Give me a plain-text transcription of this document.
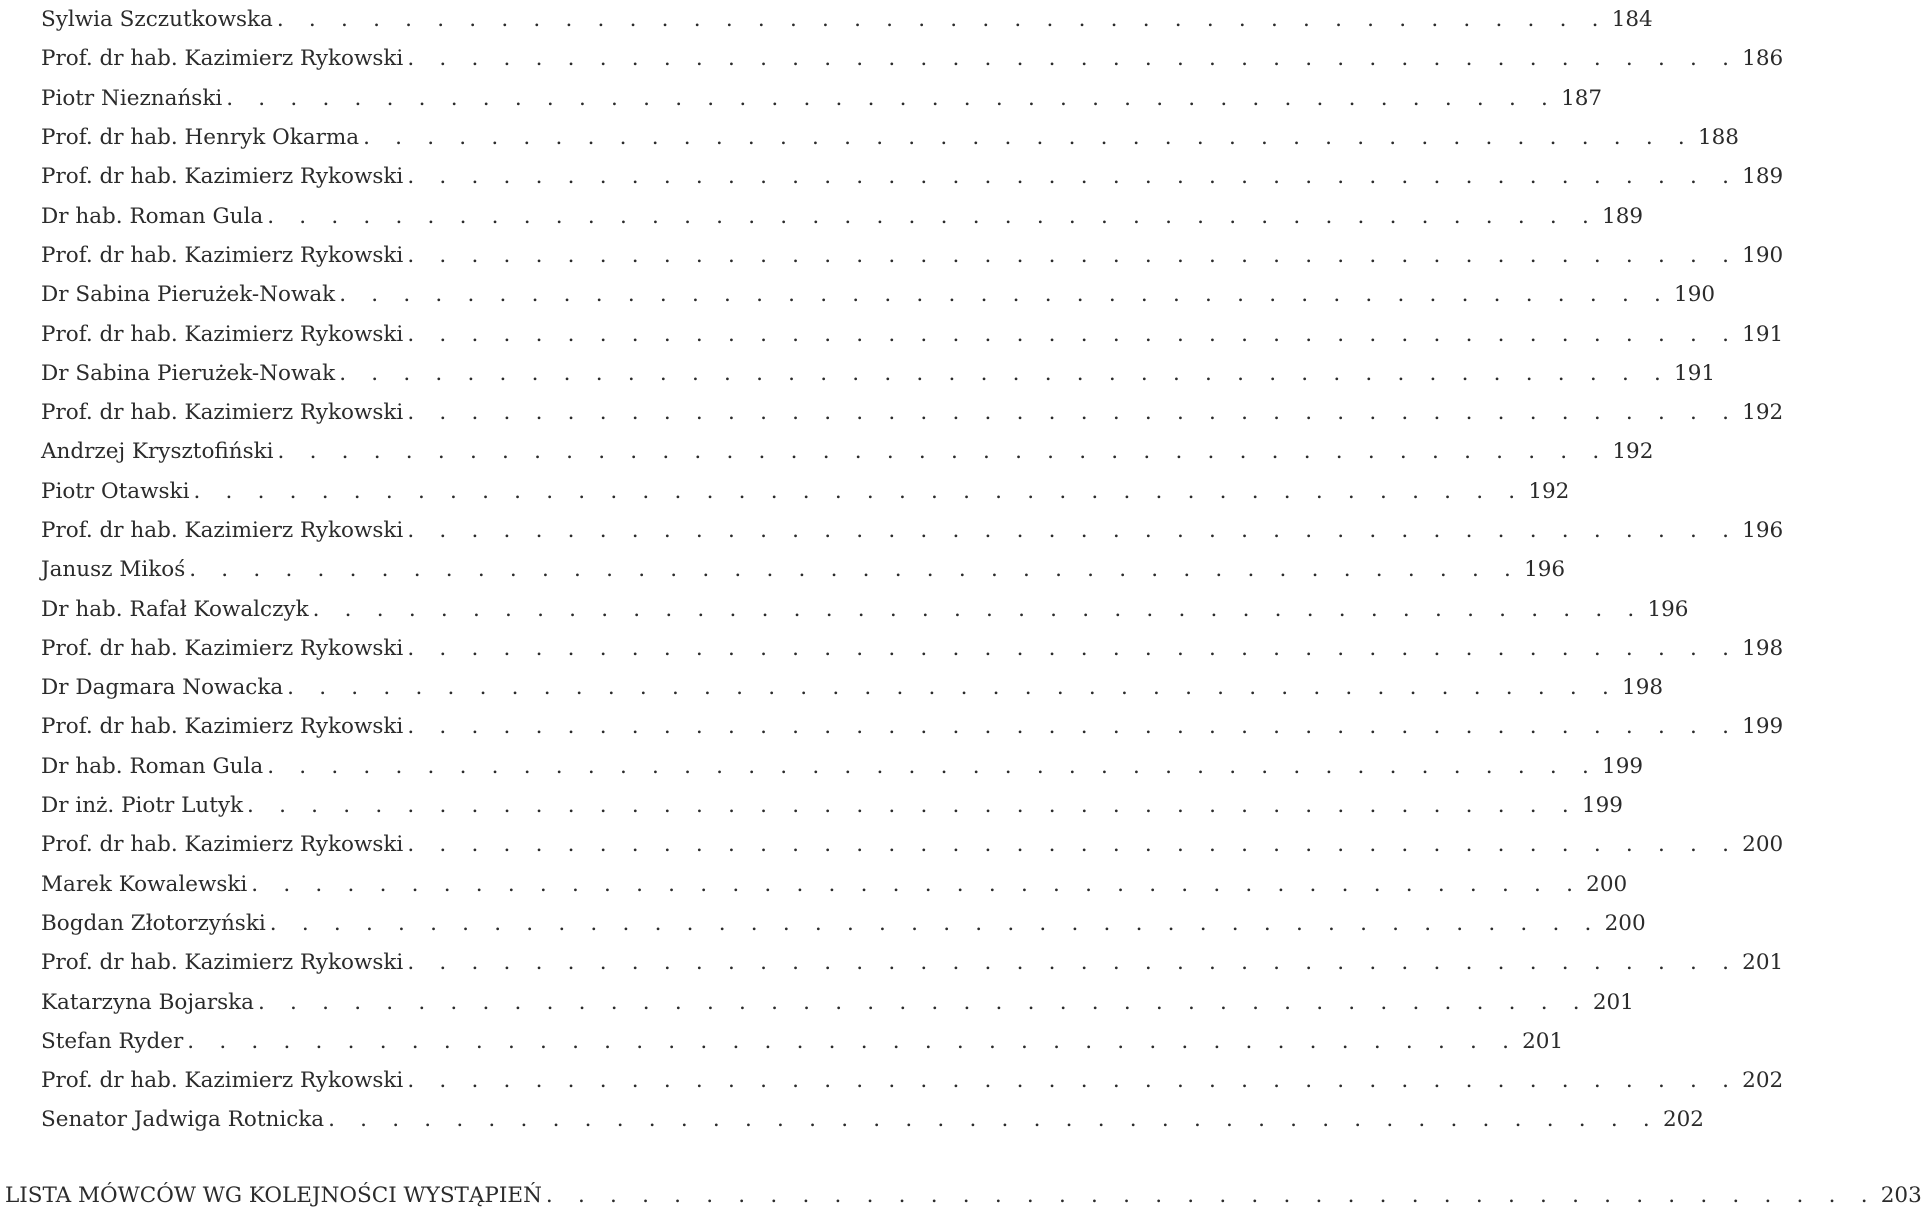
Sylwia Szczutkowska . . . . . . . . . . . . . . . . . . . . . . . . . . . . . . . . . . . . . . . . . . 184
Prof. dr hab. Kazimierz Rykowski . . . . . . . . . . . . . . . . . . . . . . . . . . . . . . . . . . . . . . . . . . 186
Piotr Nieznański . . . . . . . . . . . . . . . . . . . . . . . . . . . . . . . . . . . . . . . . . . 187
Prof. dr hab. Henryk Okarma . . . . . . . . . . . . . . . . . . . . . . . . . . . . . . . . . . . . . . . . . . 188
Prof. dr hab. Kazimierz Rykowski . . . . . . . . . . . . . . . . . . . . . . . . . . . . . . . . . . . . . . . . . . 189
Dr hab. Roman Gula . . . . . . . . . . . . . . . . . . . . . . . . . . . . . . . . . . . . . . . . . . 189
Prof. dr hab. Kazimierz Rykowski . . . . . . . . . . . . . . . . . . . . . . . . . . . . . . . . . . . . . . . . . . 190
Dr Sabina Pierużek-Nowak . . . . . . . . . . . . . . . . . . . . . . . . . . . . . . . . . . . . . . . . . . 190
Prof. dr hab. Kazimierz Rykowski . . . . . . . . . . . . . . . . . . . . . . . . . . . . . . . . . . . . . . . . . . 191
Dr Sabina Pierużek-Nowak . . . . . . . . . . . . . . . . . . . . . . . . . . . . . . . . . . . . . . . . . . 191
Prof. dr hab. Kazimierz Rykowski . . . . . . . . . . . . . . . . . . . . . . . . . . . . . . . . . . . . . . . . . . 192
Andrzej Krysztofiński . . . . . . . . . . . . . . . . . . . . . . . . . . . . . . . . . . . . . . . . . . 192
Piotr Otawski . . . . . . . . . . . . . . . . . . . . . . . . . . . . . . . . . . . . . . . . . . 192
Prof. dr hab. Kazimierz Rykowski . . . . . . . . . . . . . . . . . . . . . . . . . . . . . . . . . . . . . . . . . . 196
Janusz Mikoś . . . . . . . . . . . . . . . . . . . . . . . . . . . . . . . . . . . . . . . . . . 196
Dr hab. Rafał Kowalczyk . . . . . . . . . . . . . . . . . . . . . . . . . . . . . . . . . . . . . . . . . . 196
Prof. dr hab. Kazimierz Rykowski . . . . . . . . . . . . . . . . . . . . . . . . . . . . . . . . . . . . . . . . . . 198
Dr Dagmara Nowacka . . . . . . . . . . . . . . . . . . . . . . . . . . . . . . . . . . . . . . . . . . 198
Prof. dr hab. Kazimierz Rykowski . . . . . . . . . . . . . . . . . . . . . . . . . . . . . . . . . . . . . . . . . . 199
Dr hab. Roman Gula . . . . . . . . . . . . . . . . . . . . . . . . . . . . . . . . . . . . . . . . . . 199
Dr inż. Piotr Lutyk . . . . . . . . . . . . . . . . . . . . . . . . . . . . . . . . . . . . . . . . . . 199
Prof. dr hab. Kazimierz Rykowski . . . . . . . . . . . . . . . . . . . . . . . . . . . . . . . . . . . . . . . . . . 200
Marek Kowalewski . . . . . . . . . . . . . . . . . . . . . . . . . . . . . . . . . . . . . . . . . . 200
Bogdan Złotorzyński . . . . . . . . . . . . . . . . . . . . . . . . . . . . . . . . . . . . . . . . . . 200
Prof. dr hab. Kazimierz Rykowski . . . . . . . . . . . . . . . . . . . . . . . . . . . . . . . . . . . . . . . . . . 201
Katarzyna Bojarska . . . . . . . . . . . . . . . . . . . . . . . . . . . . . . . . . . . . . . . . . . 201
Stefan Ryder . . . . . . . . . . . . . . . . . . . . . . . . . . . . . . . . . . . . . . . . . . 201
Prof. dr hab. Kazimierz Rykowski . . . . . . . . . . . . . . . . . . . . . . . . . . . . . . . . . . . . . . . . . . 202
Senator Jadwiga Rotnicka . . . . . . . . . . . . . . . . . . . . . . . . . . . . . . . . . . . . . . . . . . 202
LISTA MÓWCÓW WG KOLEJNOŚCI WYSTĄPIEŃ . . . . . . . . . . . . . . . . . . . . . . . . . . . . . . . . . . . . . . . . . . 203
